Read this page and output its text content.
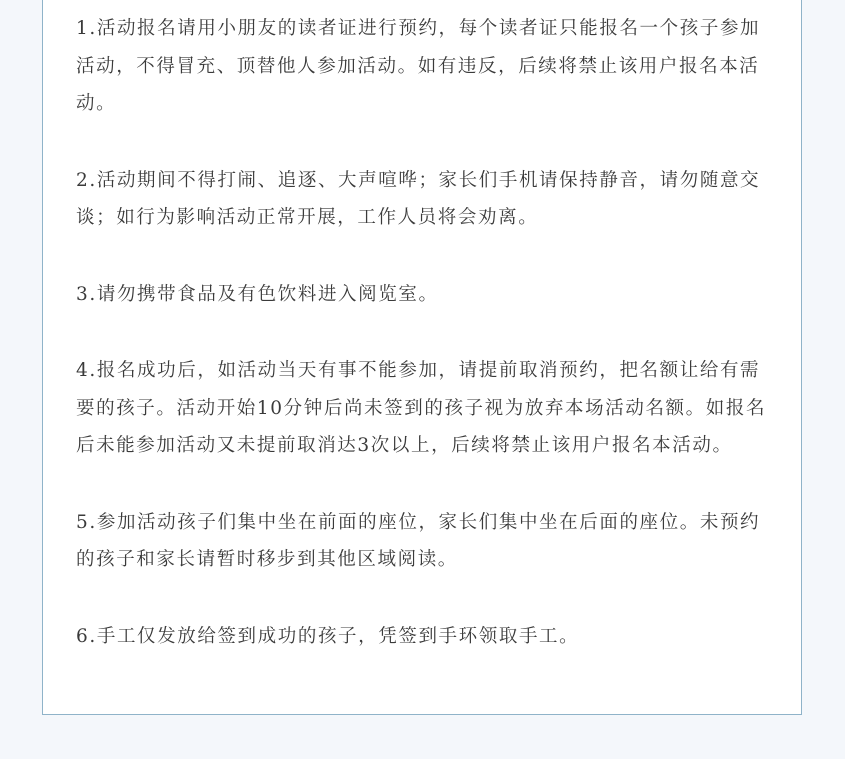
1.活动报名请用小朋友的读者证进行预约，每个读者证只能报名一个孩子参加活动，不得冒充、顶替他人参加活动。如有违反，后续将禁止该用户报名本活动。
2.活动期间不得打闹、追逐、大声喧哗；家长们手机请保持静音，请勿随意交谈；如行为影响活动正常开展，工作人员将会劝离。
3.请勿携带食品及有色饮料进入阅览室。
4.报名成功后，如活动当天有事不能参加，请提前取消预约，把名额让给有需要的孩子。活动开始10分钟后尚未签到的孩子视为放弃本场活动名额。如报名后未能参加活动又未提前取消达3次以上，后续将禁止该用户报名本活动。
5.参加活动孩子们集中坐在前面的座位，家长们集中坐在后面的座位。未预约的孩子和家长请暂时移步到其他区域阅读。
6.手工仅发放给签到成功的孩子，凭签到手环领取手工。
